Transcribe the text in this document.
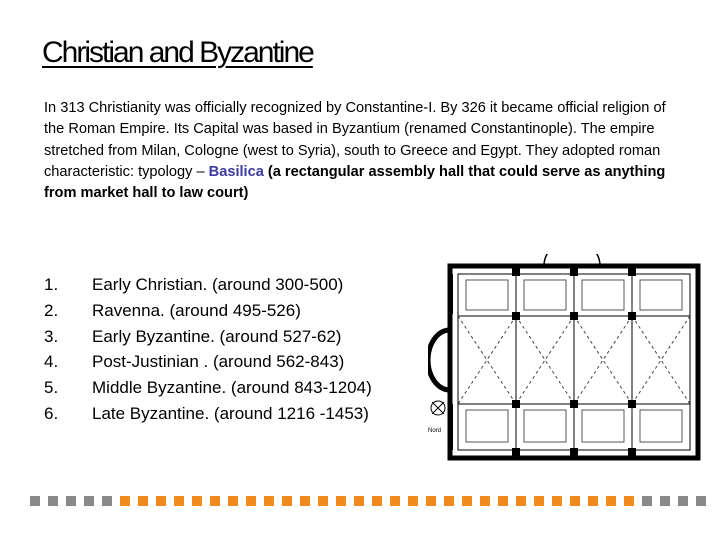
Christian and Byzantine
In 313 Christianity was officially recognized by Constantine-I. By 326 it became official religion of the Roman Empire. Its Capital was based in Byzantium (renamed Constantinople). The empire stretched from Milan, Cologne (west to Syria), south to Greece and Egypt. They adopted roman characteristic: typology – Basilica (a rectangular assembly hall that could serve as anything from market hall to law court)
1.	Early Christian. (around 300-500)
2.	Ravenna. (around 495-526)
3.	Early Byzantine. (around 527-62)
4.	Post-Justinian . (around 562-843)
5.	Middle Byzantine. (around 843-1204)
6.	Late Byzantine. (around 1216 -1453)
Nord
